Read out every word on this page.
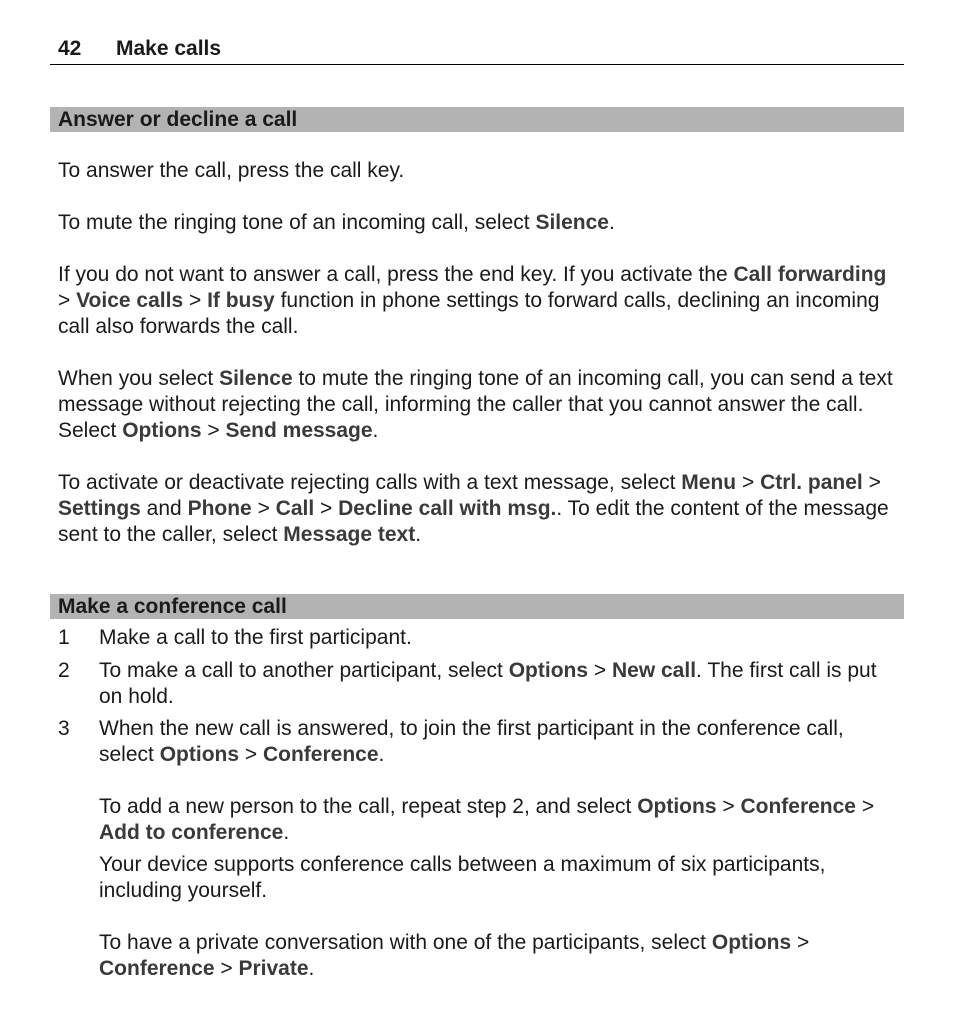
42 Make calls
Answer or decline a call

To answer the call, press the call key.

To mute the ringing tone of an incoming call, select Silence.

If you do not want to answer a call, press the end key. If you activate the Call forwarding > Voice calls > If busy function in phone settings to forward calls, declining an incoming call also forwards the call.

When you select Silence to mute the ringing tone of an incoming call, you can send a text message without rejecting the call, informing the caller that you cannot answer the call. Select Options > Send message.

To activate or deactivate rejecting calls with a text message, select Menu > Ctrl. panel > Settings and Phone > Call > Decline call with msg.. To edit the content of the message sent to the caller, select Message text.

Make a conference call
1	Make a call to the first participant.
2	To make a call to another participant, select Options > New call. The first call is put on hold.
3	When the new call is answered, to join the first participant in the conference call, select Options > Conference.

To add a new person to the call, repeat step 2, and select Options > Conference > Add to conference.

Your device supports conference calls between a maximum of six participants, including yourself.

To have a private conversation with one of the participants, select Options > Conference > Private.
